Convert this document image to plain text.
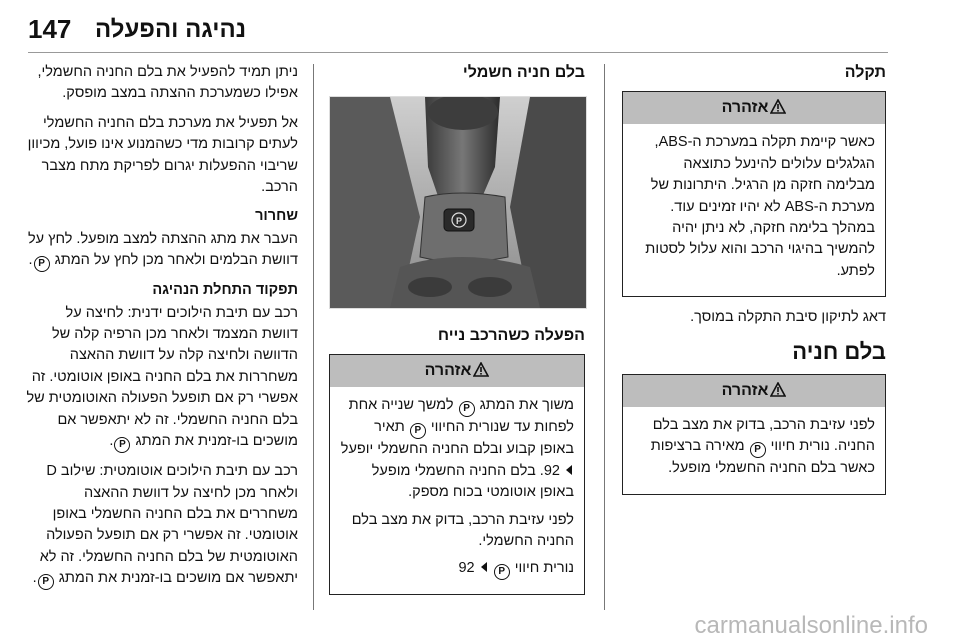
147 נהיגה והפעלה
תקלה
אזהרה

כאשר קיימת תקלה במערכת ה-ABS, הגלגלים עלולים להינעל כתוצאה מבלימה חזקה מן הרגיל. היתרונות של מערכת ה-ABS לא יהיו זמינים עוד. במהלך בלימה חזקה, לא ניתן יהיה להמשיך בהיגוי הרכב והוא עלול לסטות לפתע.

דאג לתיקון סיבת התקלה במוסך.

בלם חניה
אזהרה

לפני עזיבת הרכב, בדוק את מצב בלם החניה. נורית חיווי P מאירה ברציפות כאשר בלם החניה החשמלי מופעל.

בלם חניה חשמלי
P
הפעלה כשהרכב נייח
אזהרה

משוך את המתג P למשך שנייה אחת לפחות עד שנורית החיווי P תאיר באופן קבוע ובלם החניה החשמלי יופעל  92. בלם החניה החשמלי מופעל באופן אוטומטי בכוח מספק.

לפני עזיבת הרכב, בדוק את מצב בלם החניה החשמלי.

נורית חיווי P  92

ניתן תמיד להפעיל את בלם החניה החשמלי, אפילו כשמערכת ההצתה במצב מופסק.

אל תפעיל את מערכת בלם החניה החשמלי לעתים קרובות מדי כשהמנוע אינו פועל, מכיוון שריבוי ההפעלות יגרום לפריקת מתח מצבר הרכב.

שחרור

העבר את מתג ההצתה למצב מופעל. לחץ על דוושת הבלמים ולאחר מכן לחץ על המתג P.

תפקוד התחלת הנהיגה

רכב עם תיבת הילוכים ידנית: לחיצה על דוושת המצמד ולאחר מכן הרפיה קלה של הדוושה ולחיצה קלה על דוושת ההאצה משחררות את בלם החניה באופן אוטומטי. זה אפשרי רק אם תופעל הפעולה האוטומטית של בלם החניה החשמלי. זה לא יתאפשר אם מושכים בו-זמנית את המתג P.

רכב עם תיבת הילוכים אוטומטית: שילוב D ולאחר מכן לחיצה על דוושת ההאצה משחררים את בלם החניה החשמלי באופן אוטומטי. זה אפשרי רק אם תופעל הפעולה האוטומטית של בלם החניה החשמלי. זה לא יתאפשר אם מושכים בו-זמנית את המתג P.

carmanualsonline.info
